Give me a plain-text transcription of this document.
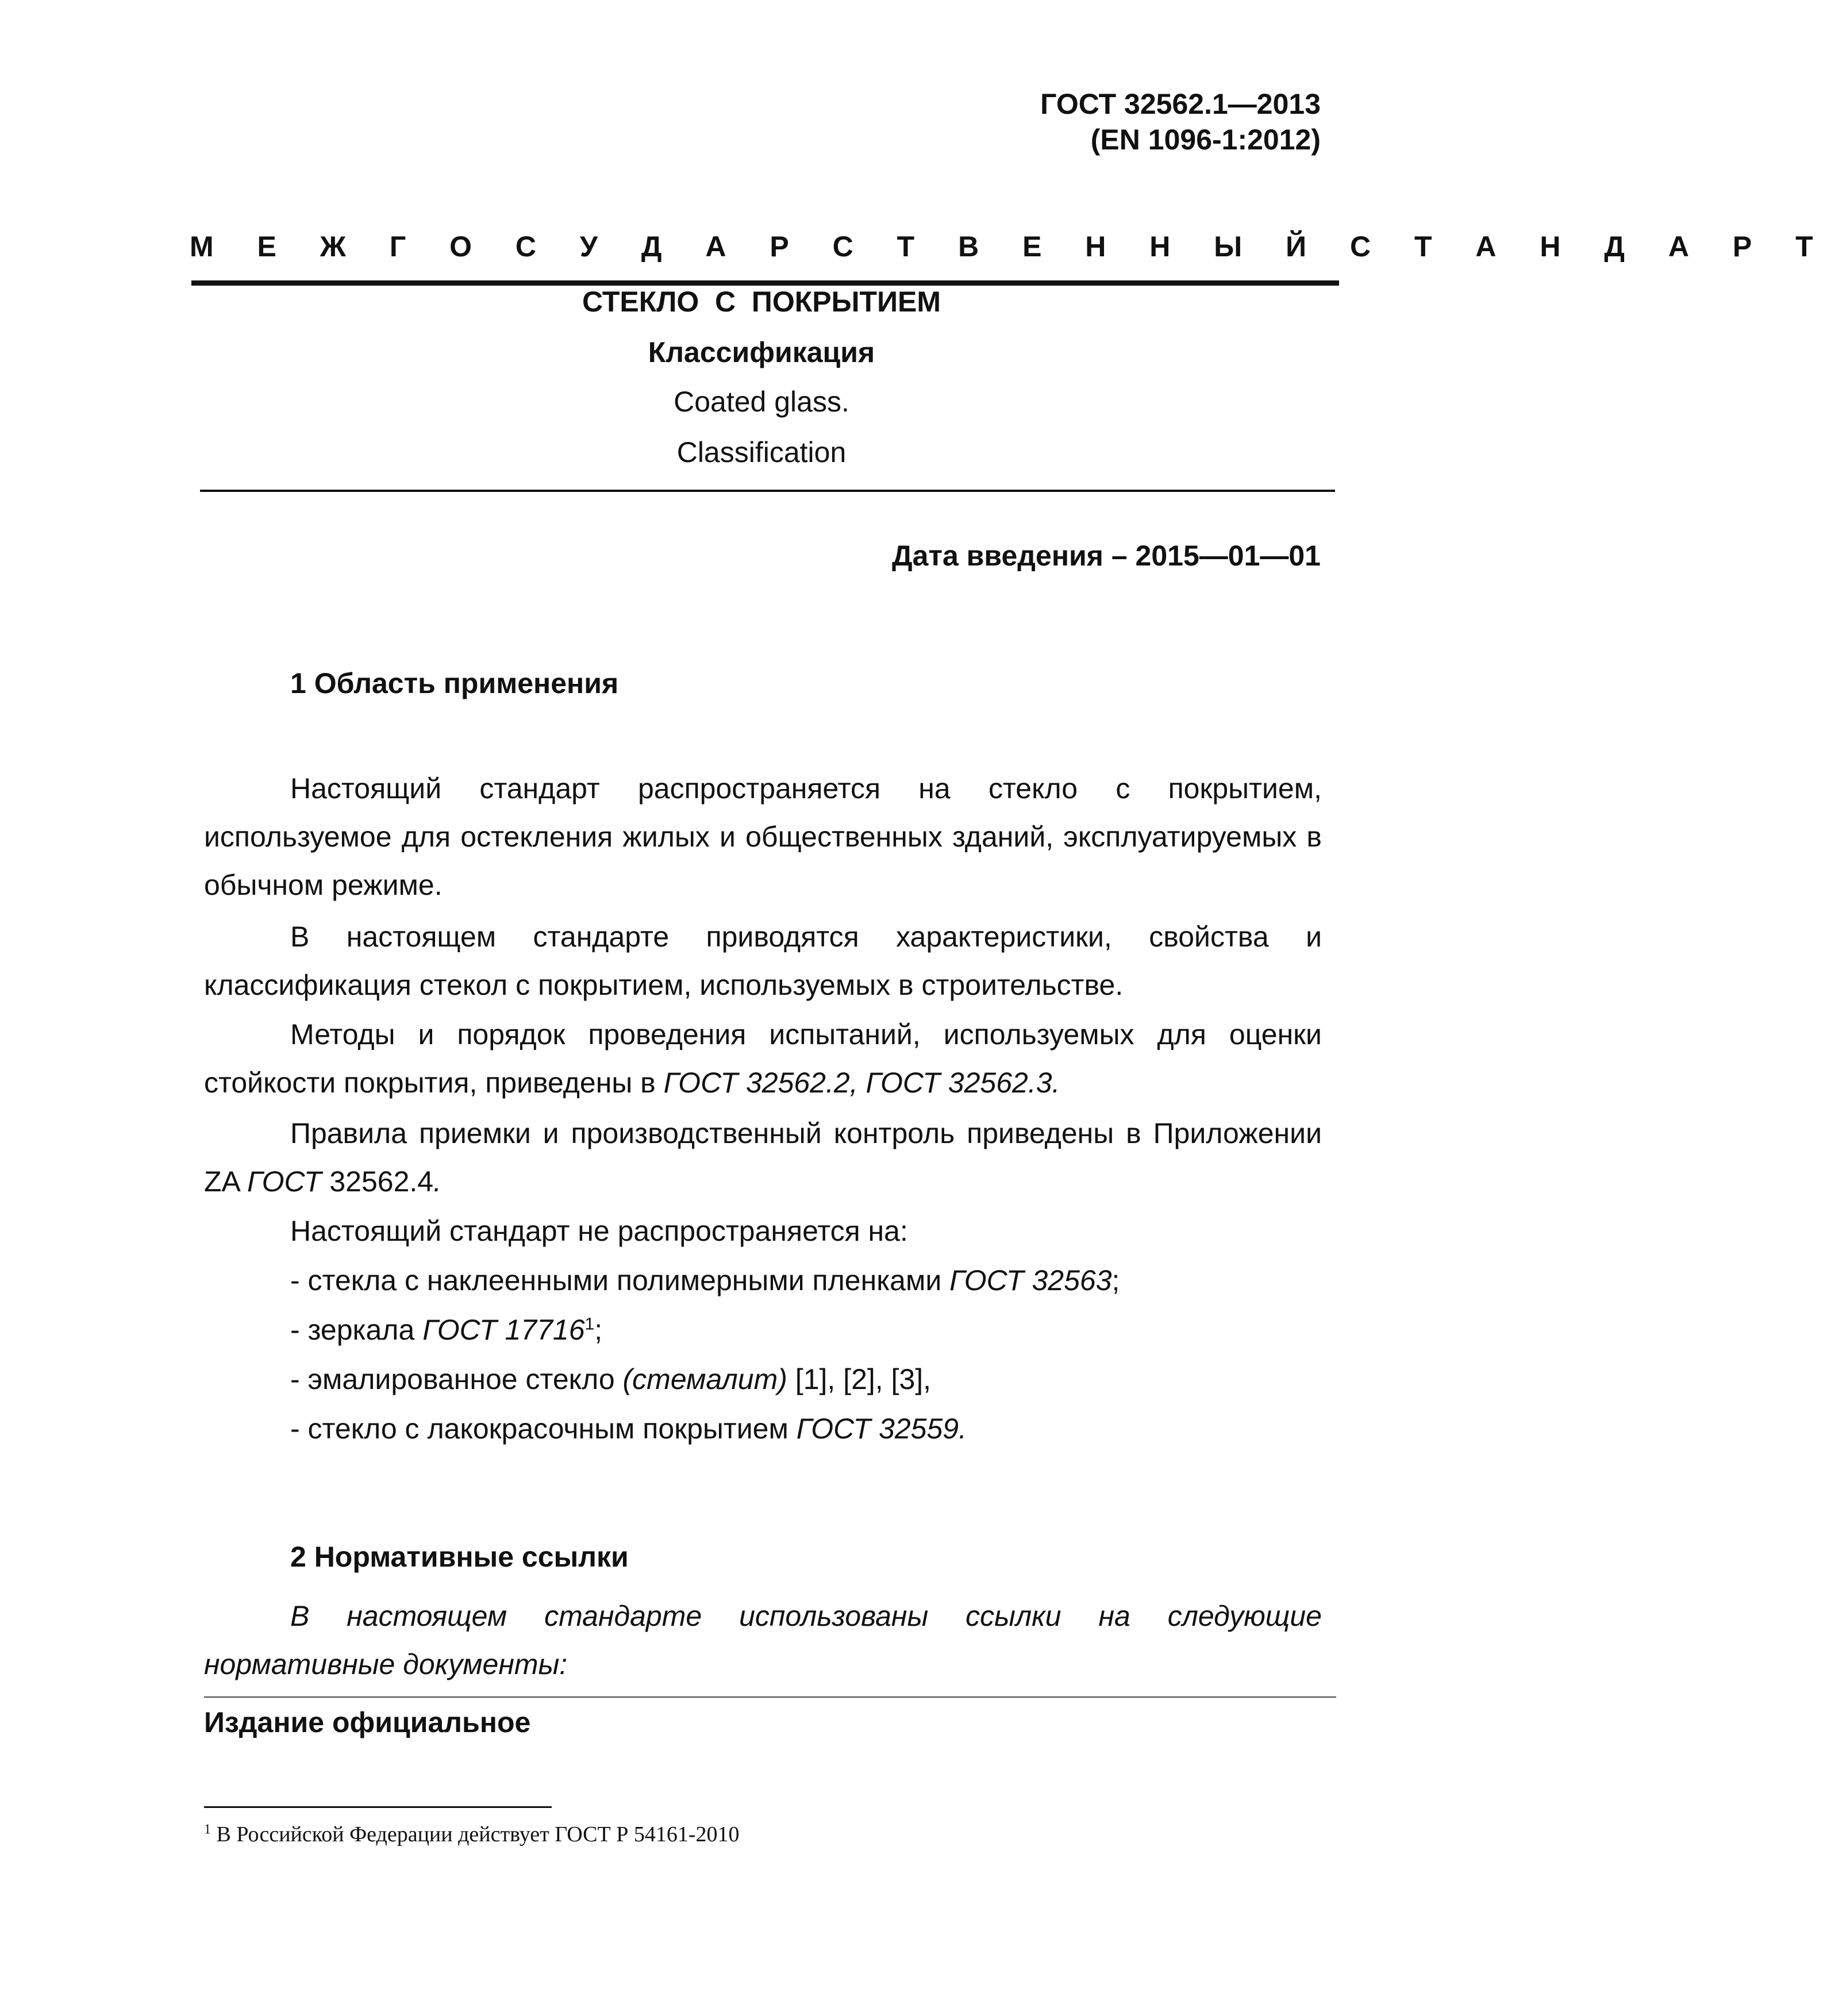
ГОСТ 32562.1—2013
(EN 1096-1:2012)
М Е Ж Г О С У Д А Р С Т В Е Н Н Ы Й С Т А Н Д А Р Т
СТЕКЛО  С  ПОКРЫТИЕМ
Классификация
Coated glass.
Classification
Дата введения – 2015—01—01
1 Область применения
Настоящий стандарт распространяется на стекло с покрытием, используемое для остекления жилых и общественных зданий, эксплуатируемых в обычном режиме.
В настоящем стандарте приводятся характеристики, свойства и классификация стекол с покрытием, используемых в строительстве.
Методы и порядок проведения испытаний, используемых для оценки стойкости покрытия, приведены в ГОСТ 32562.2, ГОСТ 32562.3.
Правила приемки и производственный контроль приведены в Приложении ZA ГОСТ 32562.4.
Настоящий стандарт не распространяется на:
- стекла с наклеенными полимерными пленками ГОСТ 32563;
- зеркала ГОСТ 17716$^1$;
- эмалированное стекло (стемалит) [1], [2], [3],
- стекло с лакокрасочным покрытием ГОСТ 32559.
2 Нормативные ссылки
В настоящем стандарте использованы ссылки на следующие нормативные документы:
Издание официальное
$^1$ В Российской Федерации действует ГОСТ Р 54161-2010
